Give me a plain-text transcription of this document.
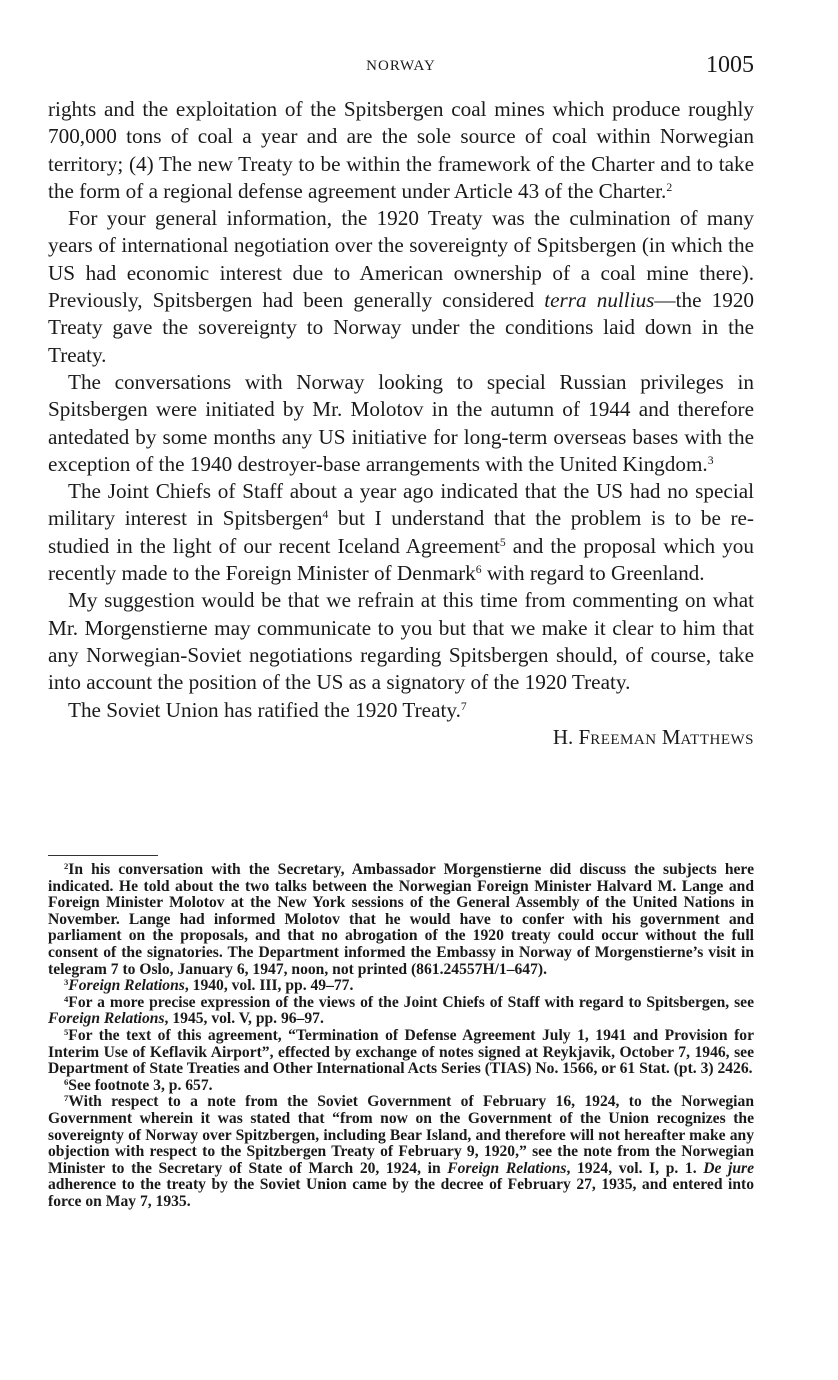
NORWAY	1005

rights and the exploitation of the Spitsbergen coal mines which produce roughly 700,000 tons of coal a year and are the sole source of coal within Norwegian territory; (4) The new Treaty to be within the framework of the Charter and to take the form of a regional defense agreement under Article 43 of the Charter.$^2$

For your general information, the 1920 Treaty was the culmination of many years of international negotiation over the sovereignty of Spitsbergen (in which the US had economic interest due to American ownership of a coal mine there). Previously, Spitsbergen had been generally considered terra nullius—the 1920 Treaty gave the sovereignty to Norway under the conditions laid down in the Treaty.

The conversations with Norway looking to special Russian privileges in Spitsbergen were initiated by Mr. Molotov in the autumn of 1944 and therefore antedated by some months any US initiative for long-term overseas bases with the exception of the 1940 destroyer-base arrangements with the United Kingdom.$^3$

The Joint Chiefs of Staff about a year ago indicated that the US had no special military interest in Spitsbergen$^4$ but I understand that the problem is to be re-studied in the light of our recent Iceland Agreement$^5$ and the proposal which you recently made to the Foreign Minister of Denmark$^6$ with regard to Greenland.

My suggestion would be that we refrain at this time from commenting on what Mr. Morgenstierne may communicate to you but that we make it clear to him that any Norwegian-Soviet negotiations regarding Spitsbergen should, of course, take into account the position of the US as a signatory of the 1920 Treaty.

The Soviet Union has ratified the 1920 Treaty.$^7$

H. FREEMAN MATTHEWS

$^2$In his conversation with the Secretary, Ambassador Morgenstierne did discuss the subjects here indicated. He told about the two talks between the Norwegian Foreign Minister Halvard M. Lange and Foreign Minister Molotov at the New York sessions of the General Assembly of the United Nations in November. Lange had informed Molotov that he would have to confer with his government and parliament on the proposals, and that no abrogation of the 1920 treaty could occur without the full consent of the signatories. The Department informed the Embassy in Norway of Morgenstierne’s visit in telegram 7 to Oslo, January 6, 1947, noon, not printed (861.24557H/1–647).

$^3$Foreign Relations, 1940, vol. III, pp. 49–77.

$^4$For a more precise expression of the views of the Joint Chiefs of Staff with regard to Spitsbergen, see Foreign Relations, 1945, vol. V, pp. 96–97.

$^5$For the text of this agreement, “Termination of Defense Agreement July 1, 1941 and Provision for Interim Use of Keflavik Airport”, effected by exchange of notes signed at Reykjavik, October 7, 1946, see Department of State Treaties and Other International Acts Series (TIAS) No. 1566, or 61 Stat. (pt. 3) 2426.

$^6$See footnote 3, p. 657.

$^7$With respect to a note from the Soviet Government of February 16, 1924, to the Norwegian Government wherein it was stated that “from now on the Government of the Union recognizes the sovereignty of Norway over Spitzbergen, including Bear Island, and therefore will not hereafter make any objection with respect to the Spitzbergen Treaty of February 9, 1920,” see the note from the Norwegian Minister to the Secretary of State of March 20, 1924, in Foreign Relations, 1924, vol. I, p. 1. De jure adherence to the treaty by the Soviet Union came by the decree of February 27, 1935, and entered into force on May 7, 1935.
